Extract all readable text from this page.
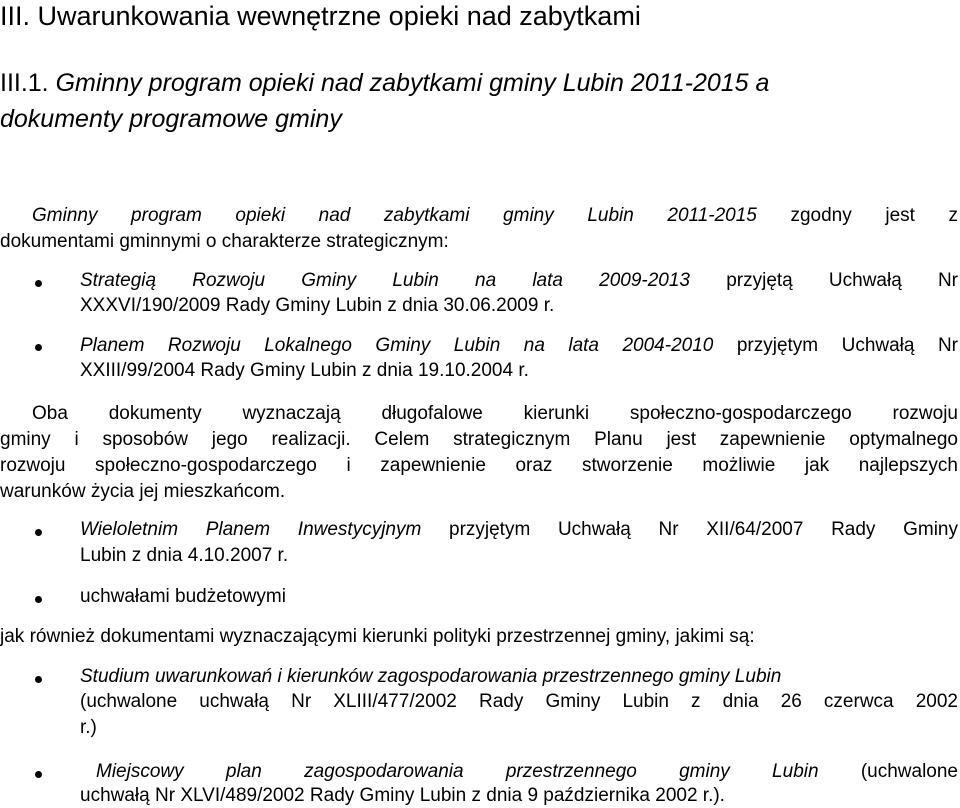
III. Uwarunkowania wewnętrzne opieki nad zabytkami
III.1. Gminny program opieki nad zabytkami gminy Lubin 2011-2015 a
dokumenty programowe gminy
Gminny program opieki nad zabytkami gminy Lubin 2011-2015 zgodny jest z
dokumentami gminnymi o charakterze strategicznym:
Strategią Rozwoju Gminy Lubin na lata 2009-2013 przyjętą Uchwałą Nr
XXXVI/190/2009 Rady Gminy Lubin z dnia 30.06.2009 r.
Planem Rozwoju Lokalnego Gminy Lubin na lata 2004-2010 przyjętym Uchwałą Nr
XXIII/99/2004 Rady Gminy Lubin z dnia 19.10.2004 r.
Oba dokumenty wyznaczają długofalowe kierunki społeczno-gospodarczego rozwoju
gminy i sposobów jego realizacji. Celem strategicznym Planu jest zapewnienie optymalnego
rozwoju społeczno-gospodarczego i zapewnienie oraz stworzenie możliwie jak najlepszych
warunków życia jej mieszkańcom.
Wieloletnim Planem Inwestycyjnym przyjętym Uchwałą Nr XII/64/2007 Rady Gminy
Lubin z dnia 4.10.2007 r.
uchwałami budżetowymi
jak również dokumentami wyznaczającymi kierunki polityki przestrzennej gminy, jakimi są:
Studium uwarunkowań i kierunków zagospodarowania przestrzennego gminy Lubin
(uchwalone uchwałą Nr XLIII/477/2002 Rady Gminy Lubin z dnia 26 czerwca 2002
r.)
Miejscowy plan zagospodarowania przestrzennego gminy Lubin (uchwalone
uchwałą Nr XLVI/489/2002 Rady Gminy Lubin z dnia 9 października 2002 r.).
